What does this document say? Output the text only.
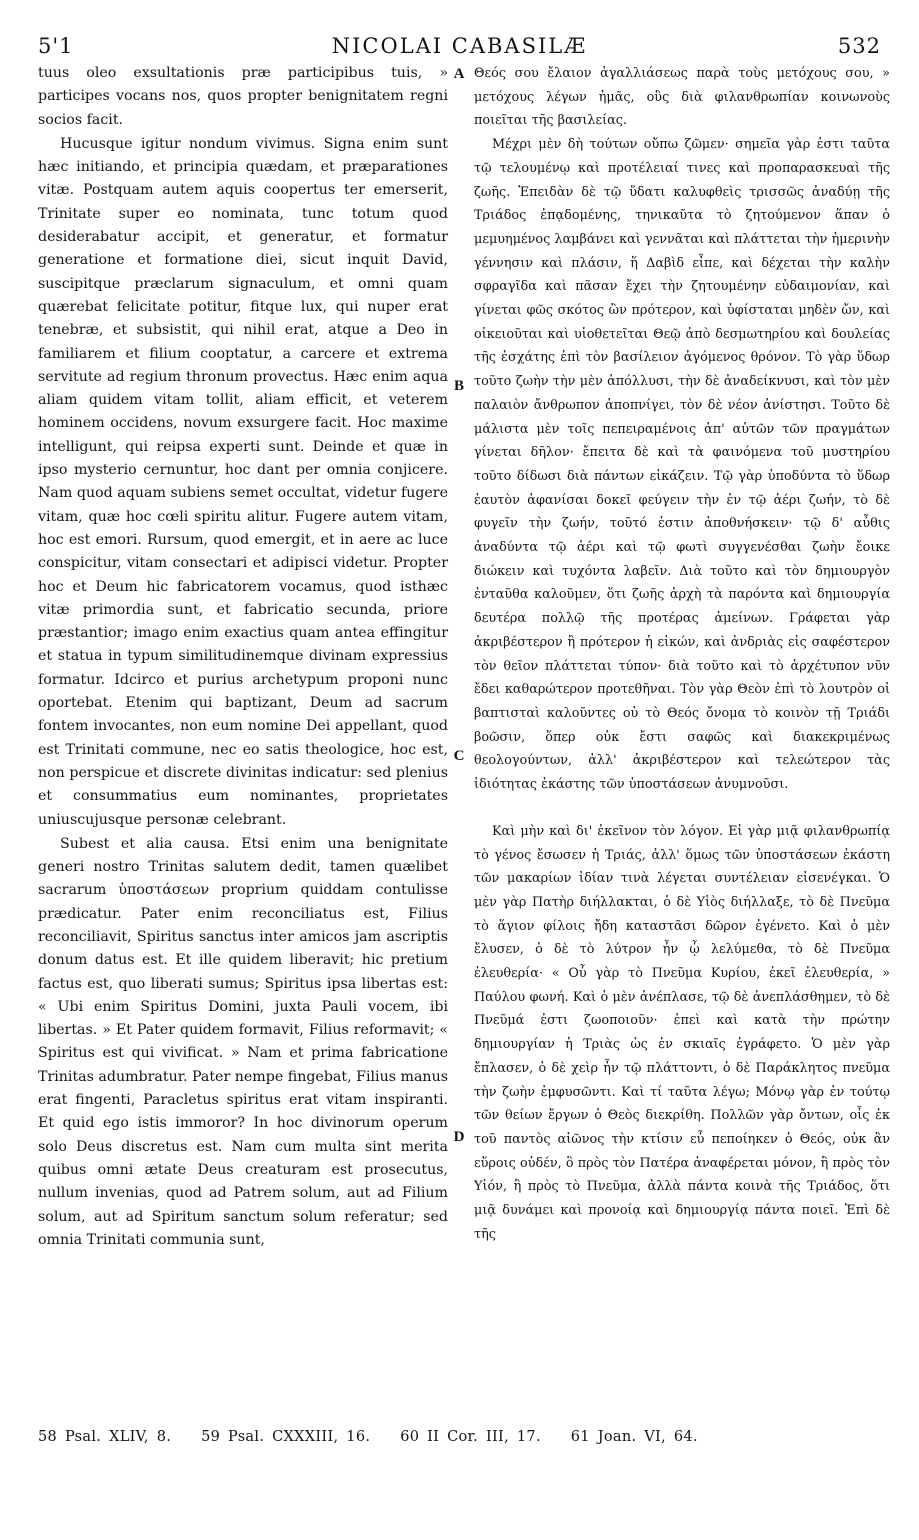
5'1	NICOLAI CABASILÆ	532

tuus oleo exsultationis præ participibus tuis, » participes vocans nos, quos propter benignitatem regni socios facit.

Hucusque igitur nondum vivimus. Signa enim sunt hæc initiando, et principia quædam, et præparationes vitæ. Postquam autem aquis coopertus ter emerserit, Trinitate super eo nominata, tunc totum quod desiderabatur accipit, et generatur, et formatur generatione et formatione diei, sicut inquit David, suscipitque præclarum signaculum, et omni quam quærebat felicitate potitur, fitque lux, qui nuper erat tenebræ, et subsistit, qui nihil erat, atque a Deo in familiarem et filium cooptatur, a carcere et extrema servitute ad regium thronum provectus. Hæc enim aqua aliam quidem vitam tollit, aliam efficit, et veterem hominem occidens, novum exsurgere facit. Hoc maxime intelligunt, qui reipsa experti sunt. Deinde et quæ in ipso mysterio cernuntur, hoc dant per omnia conjicere. Nam quod aquam subiens semet occultat, videtur fugere vitam, quæ hoc cœli spiritu alitur. Fugere autem vitam, hoc est emori. Rursum, quod emergit, et in aere ac luce conspicitur, vitam consectari et adipisci videtur. Propter hoc et Deum hic fabricatorem vocamus, quod isthæc vitæ primordia sunt, et fabricatio secunda, priore præstantior; imago enim exactius quam antea effingitur et statua in typum similitudinemque divinam expressius formatur. Idcirco et purius archetypum proponi nunc oportebat. Etenim qui baptizant, Deum ad sacrum fontem invocantes, non eum nomine Dei appellant, quod est Trinitati commune, nec eo satis theologice, hoc est, non perspicue et discrete divinitas indicatur: sed plenius et consummatius eum nominantes, proprietates uniuscujusque personæ celebrant.

Subest et alia causa. Etsi enim una benignitate generi nostro Trinitas salutem dedit, tamen quælibet sacrarum ὑποστάσεων proprium quiddam contulisse prædicatur. Pater enim reconciliatus est, Filius reconciliavit, Spiritus sanctus inter amicos jam ascriptis donum datus est. Et ille quidem liberavit; hic pretium factus est, quo liberati sumus; Spiritus ipsa libertas est: « Ubi enim Spiritus Domini, juxta Pauli vocem, ibi libertas. » Et Pater quidem formavit, Filius reformavit; « Spiritus est qui vivificat. » Nam et prima fabricatione Trinitas adumbratur. Pater nempe fingebat, Filius manus erat fingenti, Paracletus spiritus erat vitam inspiranti. Et quid ego istis immoror? In hoc divinorum operum solo Deus discretus est. Nam cum multa sint merita quibus omni ætate Deus creaturam est prosecutus, nullum invenias, quod ad Patrem solum, aut ad Filium solum, aut ad Spiritum sanctum solum referatur; sed omnia Trinitati communia sunt,

Θεός σου ἔλαιον ἀγαλλιάσεως παρὰ τοὺς μετόχους σου, » μετόχους λέγων ἡμᾶς, οὓς διὰ φιλανθρωπίαν κοινωνοὺς ποιεῖται τῆς βασιλείας.

Μέχρι μὲν δὴ τούτων οὔπω ζῶμεν· σημεῖα γὰρ ἐστι ταῦτα τῷ τελουμένῳ καὶ προτέλειαί τινες καὶ προπαρασκευαὶ τῆς ζωῆς. Ἐπειδὰν δὲ τῷ ὕδατι καλυφθεὶς τρισσῶς ἀναδύῃ τῆς Τριάδος ἐπᾳδομένης, τηνικαῦτα τὸ ζητούμενον ἅπαν ὁ μεμυημένος λαμβάνει καὶ γεννᾶται καὶ πλάττεται τὴν ἡμερινὴν γέννησιν καὶ πλάσιν, ἥ Δαβὶδ εἶπε, καὶ δέχεται τὴν καλὴν σφραγῖδα καὶ πᾶσαν ἔχει τὴν ζητουμένην εὐδαιμονίαν, καὶ γίνεται φῶς σκότος ὢν πρότερον, καὶ ὑφίσταται μηδὲν ὤν, καὶ οἰκειοῦται καὶ υἱοθετεῖται Θεῷ ἀπὸ δεσμωτηρίου καὶ δουλείας τῆς ἐσχάτης ἐπὶ τὸν βασίλειον ἀγόμενος θρόνον. Τὸ γὰρ ὕδωρ τοῦτο ζωὴν τὴν μὲν ἀπόλλυσι, τὴν δὲ ἀναδείκνυσι, καὶ τὸν μὲν παλαιὸν ἄνθρωπον ἀποπνίγει, τὸν δὲ νέον ἀνίστησι. Τοῦτο δὲ μάλιστα μὲν τοῖς πεπειραμένοις ἀπ' αὐτῶν τῶν πραγμάτων γίνεται δῆλον· ἔπειτα δὲ καὶ τὰ φαινόμενα τοῦ μυστηρίου τοῦτο δίδωσι διὰ πάντων εἰκάζειν. Τῷ γὰρ ὑποδύντα τὸ ὕδωρ ἑαυτὸν ἀφανίσαι δοκεῖ φεύγειν τὴν ἐν τῷ ἀέρι ζωήν, τὸ δὲ φυγεῖν τὴν ζωήν, τοῦτό ἐστιν ἀποθνήσκειν· τῷ δ' αὖθις ἀναδύντα τῷ ἀέρι καὶ τῷ φωτὶ συγγενέσθαι ζωὴν ἔοικε διώκειν καὶ τυχόντα λαβεῖν. Διὰ τοῦτο καὶ τὸν δημιουργὸν ἐνταῦθα καλοῦμεν, ὅτι ζωῆς ἀρχὴ τὰ παρόντα καὶ δημιουργία δευτέρα πολλῷ τῆς προτέρας ἀμείνων. Γράφεται γὰρ ἀκριβέστερον ἢ πρότερον ἡ εἰκών, καὶ ἀνδριὰς εἰς σαφέστερον τὸν θεῖον πλάττεται τύπον· διὰ τοῦτο καὶ τὸ ἀρχέτυπον νῦν ἔδει καθαρώτερον προτεθῆναι. Τὸν γὰρ Θεὸν ἐπὶ τὸ λουτρὸν οἱ βαπτισταὶ καλοῦντες οὐ τὸ Θεός ὄνομα τὸ κοινὸν τῇ Τριάδι βοῶσιν, ὅπερ οὐκ ἔστι σαφῶς καὶ διακεκριμένως θεολογούντων, ἀλλ' ἀκριβέστερον καὶ τελεώτερον τὰς ἰδιότητας ἑκάστης τῶν ὑποστάσεων ἀνυμνοῦσι.

Καὶ μὴν καὶ δι' ἐκεῖνον τὸν λόγον. Εἰ γὰρ μιᾷ φιλανθρωπίᾳ τὸ γένος ἔσωσεν ἡ Τριάς, ἀλλ' ὅμως τῶν ὑποστάσεων ἑκάστη τῶν μακαρίων ἰδίαν τινὰ λέγεται συντέλειαν εἰσενέγκαι. Ὁ μὲν γὰρ Πατὴρ διήλλακται, ὁ δὲ Υἱὸς διήλλαξε, τὸ δὲ Πνεῦμα τὸ ἅγιον φίλοις ἤδη καταστᾶσι δῶρον ἐγένετο. Καὶ ὁ μὲν ἔλυσεν, ὁ δὲ τὸ λύτρον ἦν ᾧ λελύμεθα, τὸ δὲ Πνεῦμα ἐλευθερία· « Οὗ γὰρ τὸ Πνεῦμα Κυρίου, ἐκεῖ ἐλευθερία, » Παύλου φωνή. Καὶ ὁ μὲν ἀνέπλασε, τῷ δὲ ἀνεπλάσθημεν, τὸ δὲ Πνεῦμά ἐστι ζωοποιοῦν· ἐπεὶ καὶ κατὰ τὴν πρώτην δημιουργίαν ἡ Τριὰς ὡς ἐν σκιαῖς ἐγράφετο. Ὁ μὲν γὰρ ἔπλασεν, ὁ δὲ χεὶρ ἦν τῷ πλάττοντι, ὁ δὲ Παράκλητος πνεῦμα τὴν ζωὴν ἐμφυσῶντι. Καὶ τί ταῦτα λέγω; Μόνῳ γὰρ ἐν τούτῳ τῶν θείων ἔργων ὁ Θεὸς διεκρίθη. Πολλῶν γὰρ ὄντων, οἷς ἐκ τοῦ παντὸς αἰῶνος τὴν κτίσιν εὖ πεποίηκεν ὁ Θεός, οὐκ ἂν εὕροις οὐδέν, ὃ πρὸς τὸν Πατέρα ἀναφέρεται μόνον, ἢ πρὸς τὸν Υἱόν, ἢ πρὸς τὸ Πνεῦμα, ἀλλὰ πάντα κοινὰ τῆς Τριάδος, ὅτι μιᾷ δυνάμει καὶ προνοίᾳ καὶ δημιουργίᾳ πάντα ποιεῖ. Ἐπὶ δὲ τῆς

A
B
C
D
58 Psal. XLIV, 8. 59 Psal. CXXXIII, 16. 60 II Cor. III, 17. 61 Joan. VI, 64.
